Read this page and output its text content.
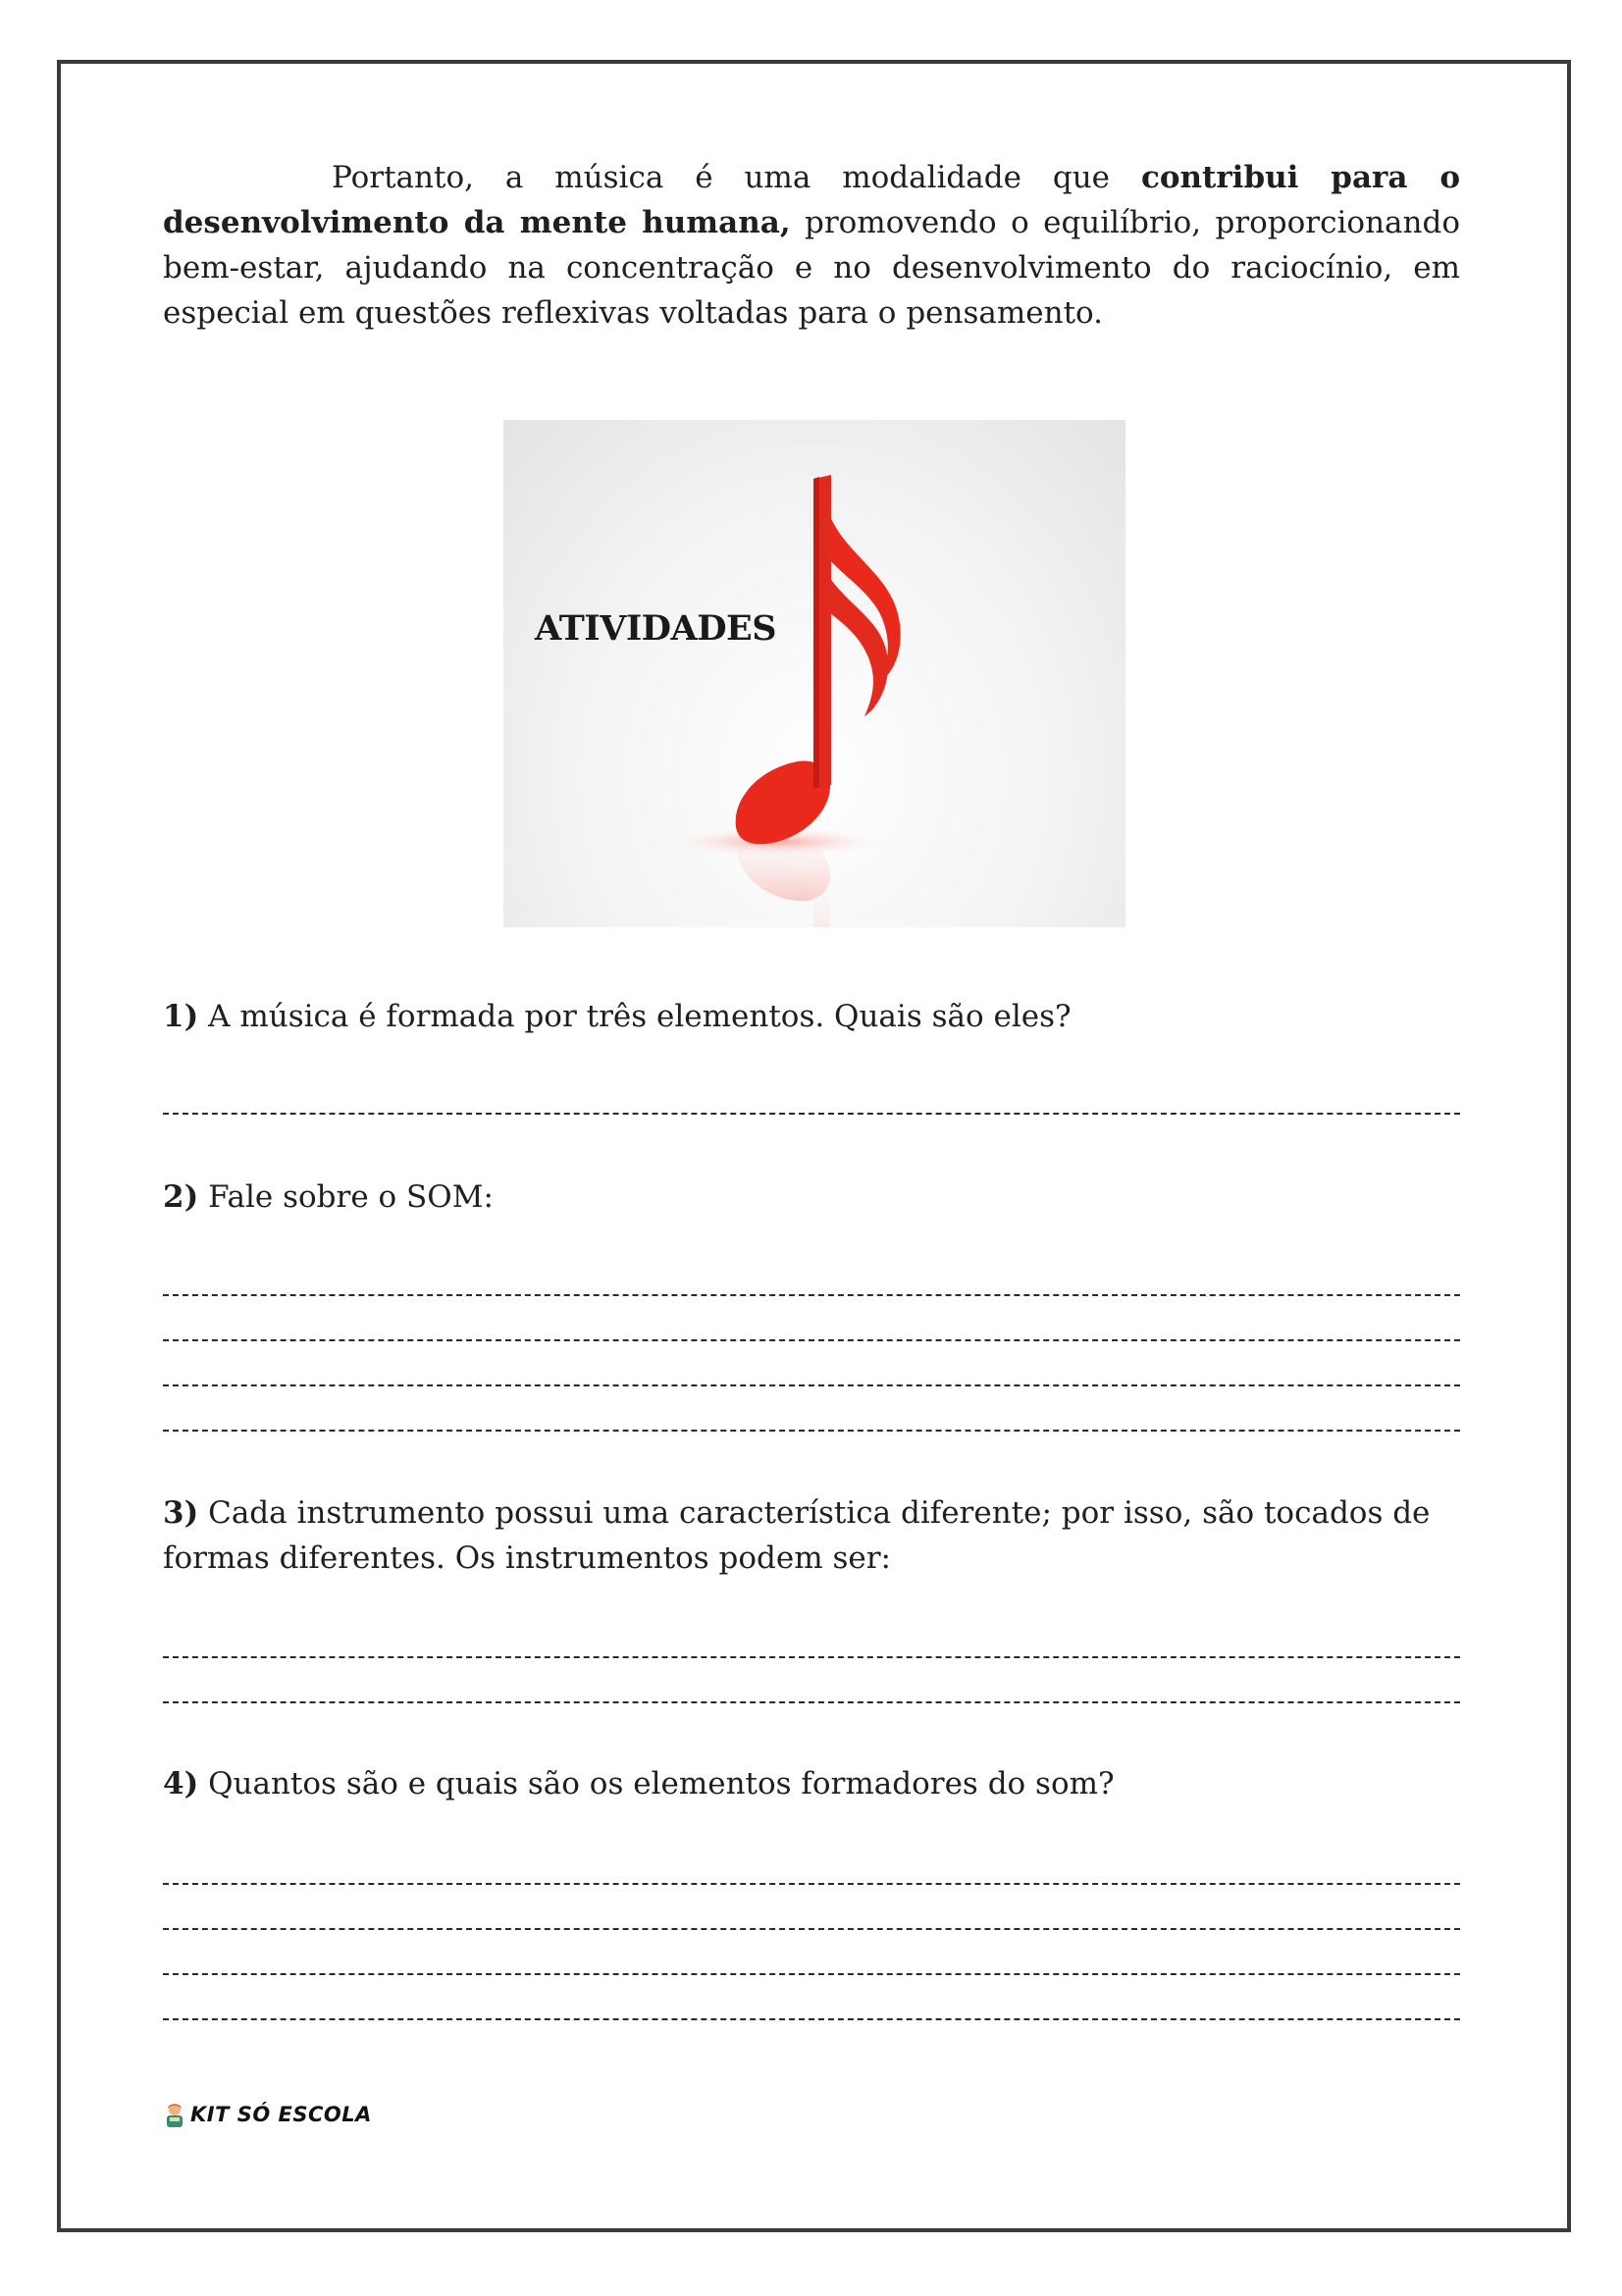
Portanto, a música é uma modalidade que contribui para o desenvolvimento da mente humana, promovendo o equilíbrio, proporcionando bem-estar, ajudando na concentração e no desenvolvimento do raciocínio, em especial em questões reflexivas voltadas para o pensamento.

ATIVIDADES

1) A música é formada por três elementos. Quais são eles?

2) Fale sobre o SOM:

3) Cada instrumento possui uma característica diferente; por isso, são tocados de formas diferentes. Os instrumentos podem ser:

4) Quantos são e quais são os elementos formadores do som?

KIT SÓ ESCOLA
